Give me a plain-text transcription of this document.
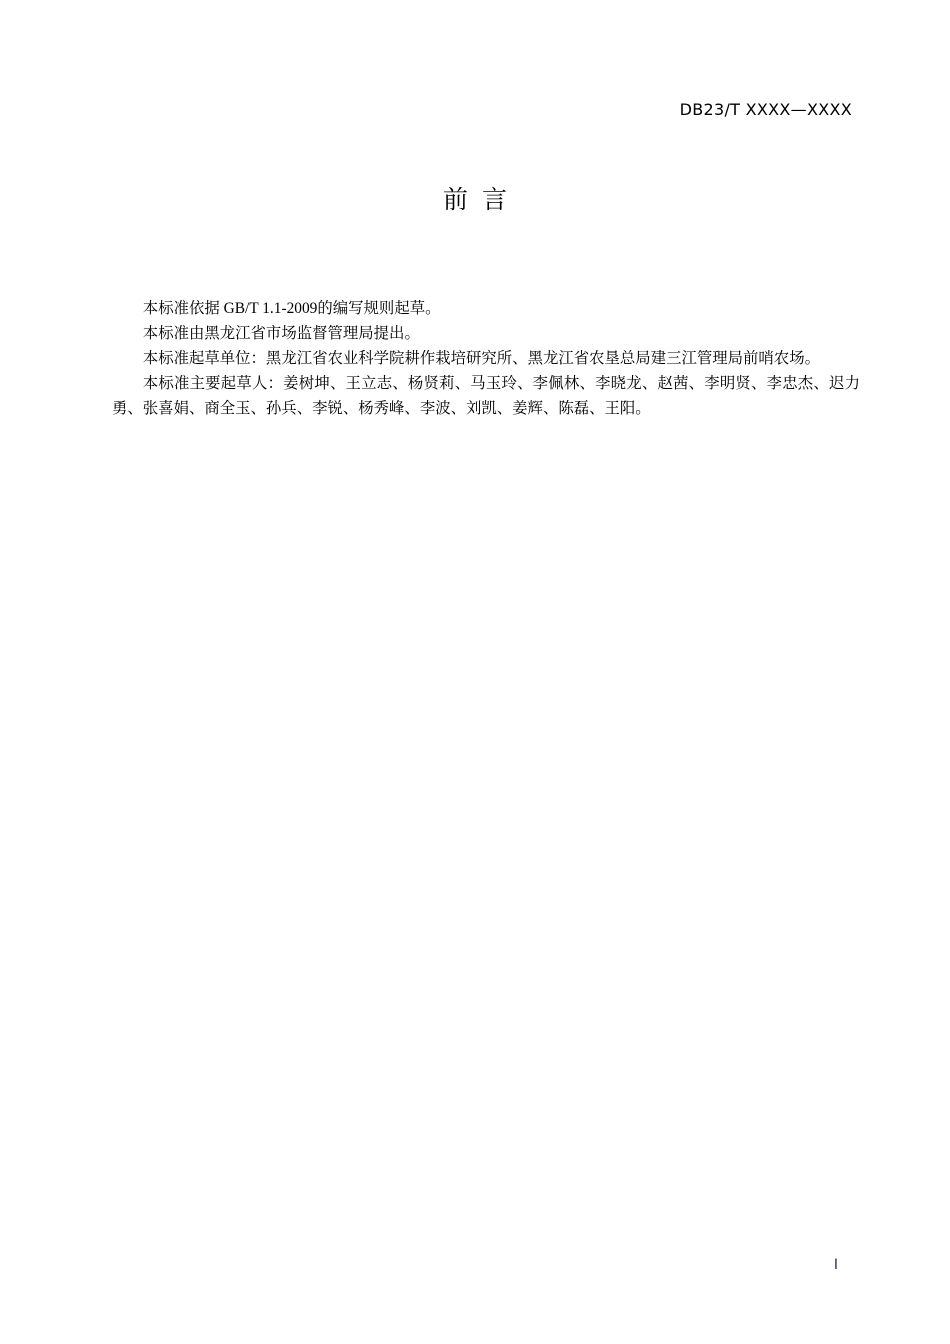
DB23/T XXXX—XXXX
前言

本标准依据 GB/T 1.1-2009的编写规则起草。

本标准由黑龙江省市场监督管理局提出。

本标准起草单位：黑龙江省农业科学院耕作栽培研究所、黑龙江省农垦总局建三江管理局前哨农场。

本标准主要起草人：姜树坤、王立志、杨贤莉、马玉玲、李佩林、李晓龙、赵茜、李明贤、李忠杰、迟力勇、张喜娟、商全玉、孙兵、李锐、杨秀峰、李波、刘凯、姜辉、陈磊、王阳。

I
